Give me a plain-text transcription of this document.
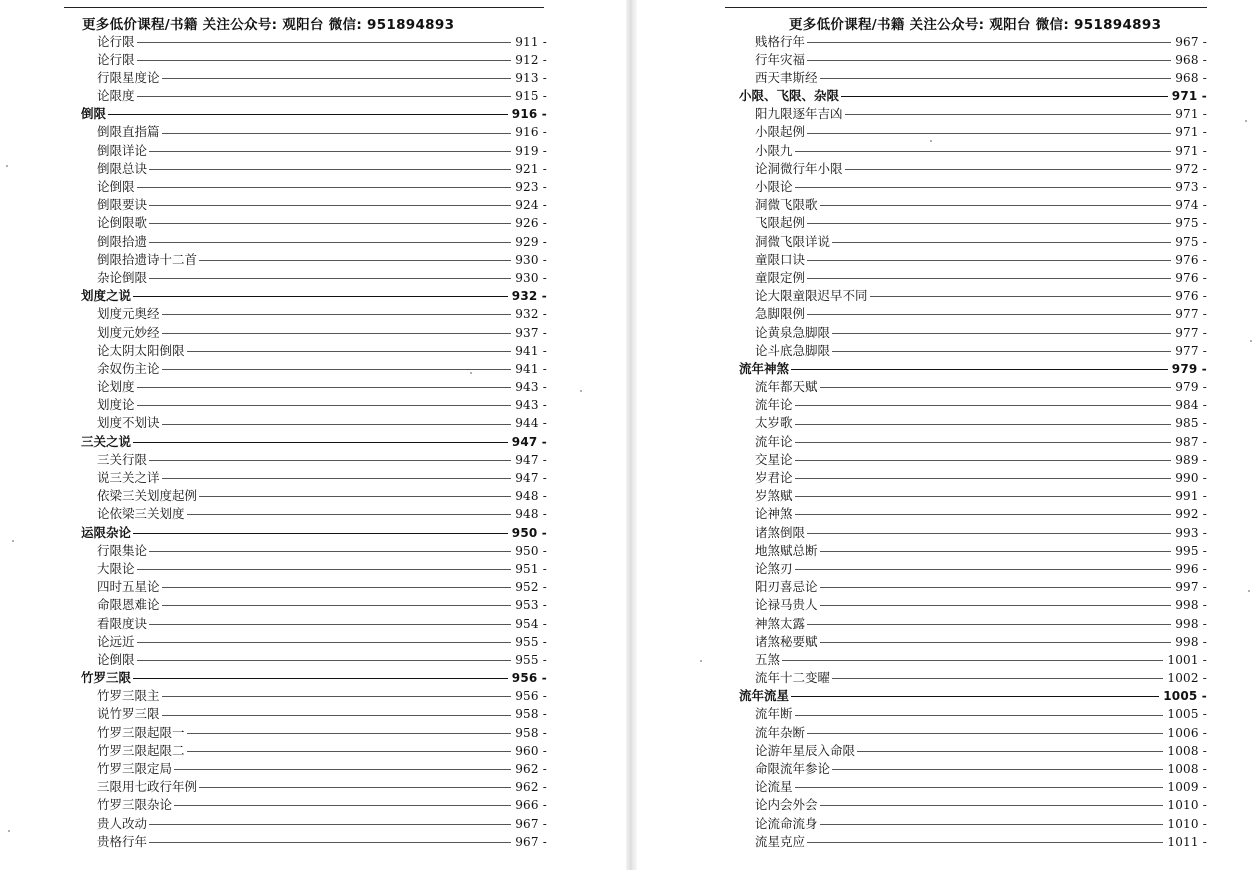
更多低价课程/书籍 关注公众号: 观阳台 微信: 951894893
论行限	911 -
论行限	912 -
行限星度论	913 -
论限度	915 -
倒限	916 -
倒限直指篇	916 -
倒限详论	919 -
倒限总诀	921 -
论倒限	923 -
倒限要诀	924 -
论倒限歌	926 -
倒限拾遗	929 -
倒限拾遗诗十二首	930 -
杂论倒限	930 -
划度之说	932 -
划度元奥经	932 -
划度元妙经	937 -
论太阴太阳倒限	941 -
余奴伤主论	941 -
论划度	943 -
划度论	943 -
划度不划诀	944 -
三关之说	947 -
三关行限	947 -
说三关之详	947 -
依梁三关划度起例	948 -
论依梁三关划度	948 -
运限杂论	950 -
行限集论	950 -
大限论	951 -
四时五星论	952 -
命限恩难论	953 -
看限度诀	954 -
论远近	955 -
论倒限	955 -
竹罗三限	956 -
竹罗三限主	956 -
说竹罗三限	958 -
竹罗三限起限一	958 -
竹罗三限起限二	960 -
竹罗三限定局	962 -
三限用七政行年例	962 -
竹罗三限杂论	966 -
贵人改动	967 -
贵格行年	967 -
更多低价课程/书籍 关注公众号: 观阳台 微信: 951894893
贱格行年	967 -
行年灾福	968 -
西天聿斯经	968 -
小限、飞限、杂限	971 -
阳九限逐年吉凶	971 -
小限起例	971 -
小限九	971 -
论洞微行年小限	972 -
小限论	973 -
洞微飞限歌	974 -
飞限起例	975 -
洞微飞限详说	975 -
童限口诀	976 -
童限定例	976 -
论大限童限迟早不同	976 -
急脚限例	977 -
论黄泉急脚限	977 -
论斗底急脚限	977 -
流年神煞	979 -
流年都天赋	979 -
流年论	984 -
太岁歌	985 -
流年论	987 -
交星论	989 -
岁君论	990 -
岁煞赋	991 -
论神煞	992 -
诸煞倒限	993 -
地煞赋总断	995 -
论煞刃	996 -
阳刃喜忌论	997 -
论禄马贵人	998 -
神煞太露	998 -
诸煞秘要赋	998 -
五煞	1001 -
流年十二变曜	1002 -
流年流星	1005 -
流年断	1005 -
流年杂断	1006 -
论游年星辰入命限	1008 -
命限流年参论	1008 -
论流星	1009 -
论内会外会	1010 -
论流命流身	1010 -
流星克应	1011 -
